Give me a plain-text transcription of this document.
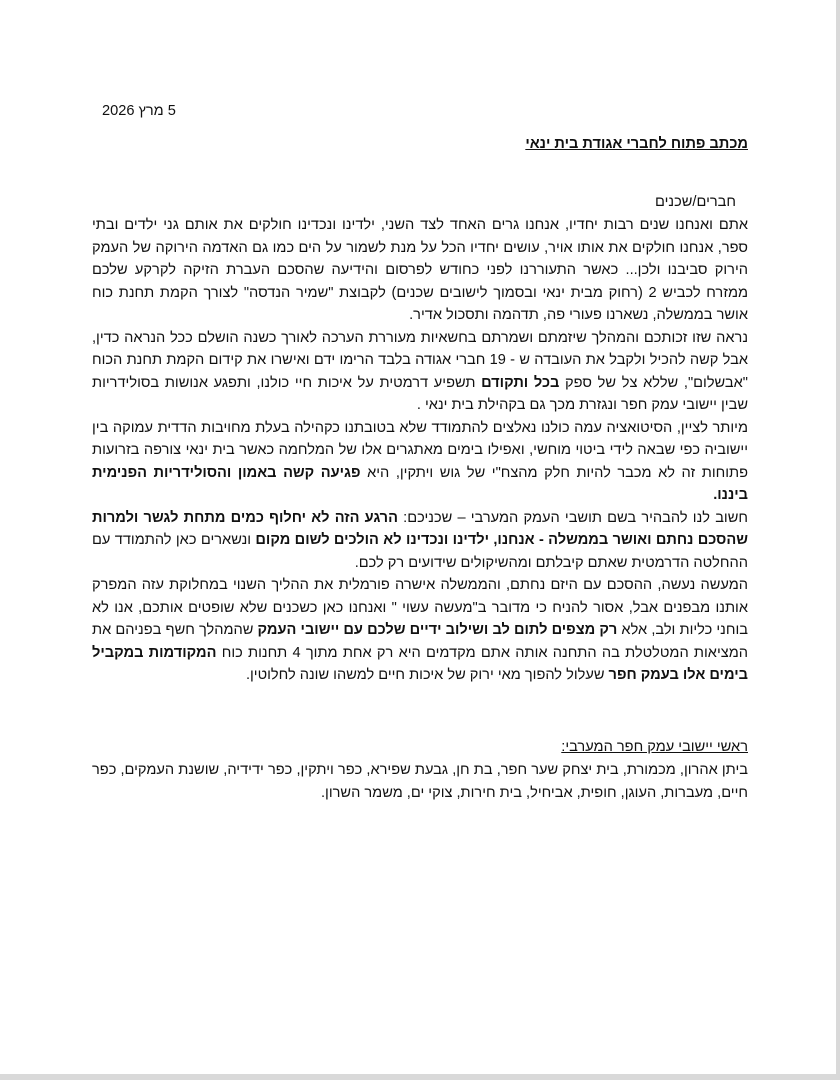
5 מרץ 2026

מכתב פתוח לחברי אגודת בית ינאי

חברים/שכנים

אתם ואנחנו שנים רבות יחדיו, אנחנו גרים האחד לצד השני, ילדינו ונכדינו חולקים את אותם גני ילדים ובתי ספר, אנחנו חולקים את אותו אויר, עושים יחדיו הכל על מנת לשמור על הים כמו גם האדמה הירוקה של העמק הירוק סביבנו ולכן... כאשר התעוררנו לפני כחודש לפרסום והידיעה שהסכם העברת הזיקה לקרקע שלכם ממזרח לכביש 2 (רחוק מבית ינאי ובסמוך לישובים שכנים) לקבוצת "שמיר הנדסה" לצורך הקמת תחנת כוח אושר בממשלה, נשארנו פעורי פה, תדהמה ותסכול אדיר.

נראה שזו זכותכם והמהלך שיזמתם ושמרתם בחשאיות מעוררת הערכה לאורך כשנה הושלם ככל הנראה כדין, אבל קשה להכיל ולקבל את העובדה ש - 19 חברי אגודה בלבד הרימו ידם ואישרו את קידום הקמת תחנת הכוח "אבשלום", שללא צל של ספק בכל ותקודם תשפיע דרמטית על איכות חיי כולנו, ותפגע אנושות בסולידריות שבין יישובי עמק חפר ונגזרת מכך גם בקהילת בית ינאי .

מיותר לציין, הסיטואציה עמה כולנו נאלצים להתמודד שלא בטובתנו כקהילה בעלת מחויבות הדדית עמוקה בין יישוביה כפי שבאה לידי ביטוי מוחשי, ואפילו בימים מאתגרים אלו של המלחמה כאשר בית ינאי צורפה בזרועות פתוחות זה לא מכבר להיות חלק מהצח"י של גוש ויתקין, היא פגיעה קשה באמון והסולידריות הפנימית ביננו.

חשוב לנו להבהיר בשם תושבי העמק המערבי – שכניכם: הרגע הזה לא יחלוף כמים מתחת לגשר ולמרות שהסכם נחתם ואושר בממשלה - אנחנו, ילדינו ונכדינו לא הולכים לשום מקום ונשארים כאן להתמודד עם ההחלטה הדרמטית שאתם קיבלתם ומהשיקולים שידועים רק לכם.

המעשה נעשה, ההסכם עם היזם נחתם, והממשלה אישרה פורמלית את ההליך השנוי במחלוקת עזה המפרק אותנו מבפנים אבל, אסור להניח כי מדובר ב"מעשה עשוי " ואנחנו כאן כשכנים שלא שופטים אותכם, אנו לא בוחני כליות ולב, אלא רק מצפים לתום לב ושילוב ידיים שלכם עם יישובי העמק שהמהלך חשף בפניהם את המציאות המטלטלת בה התחנה אותה אתם מקדמים היא רק אחת מתוך 4 תחנות כוח המקודמות במקביל בימים אלו בעמק חפר שעלול להפוך מאי ירוק של איכות חיים למשהו שונה לחלוטין.

ראשי יישובי עמק חפר המערבי:

ביתן אהרון, מכמורת, בית יצחק שער חפר, בת חן, גבעת שפירא, כפר ויתקין, כפר ידידיה, שושנת העמקים, כפר חיים, מעברות, העוגן, חופית, אביחיל, בית חירות, צוקי ים, משמר השרון.
